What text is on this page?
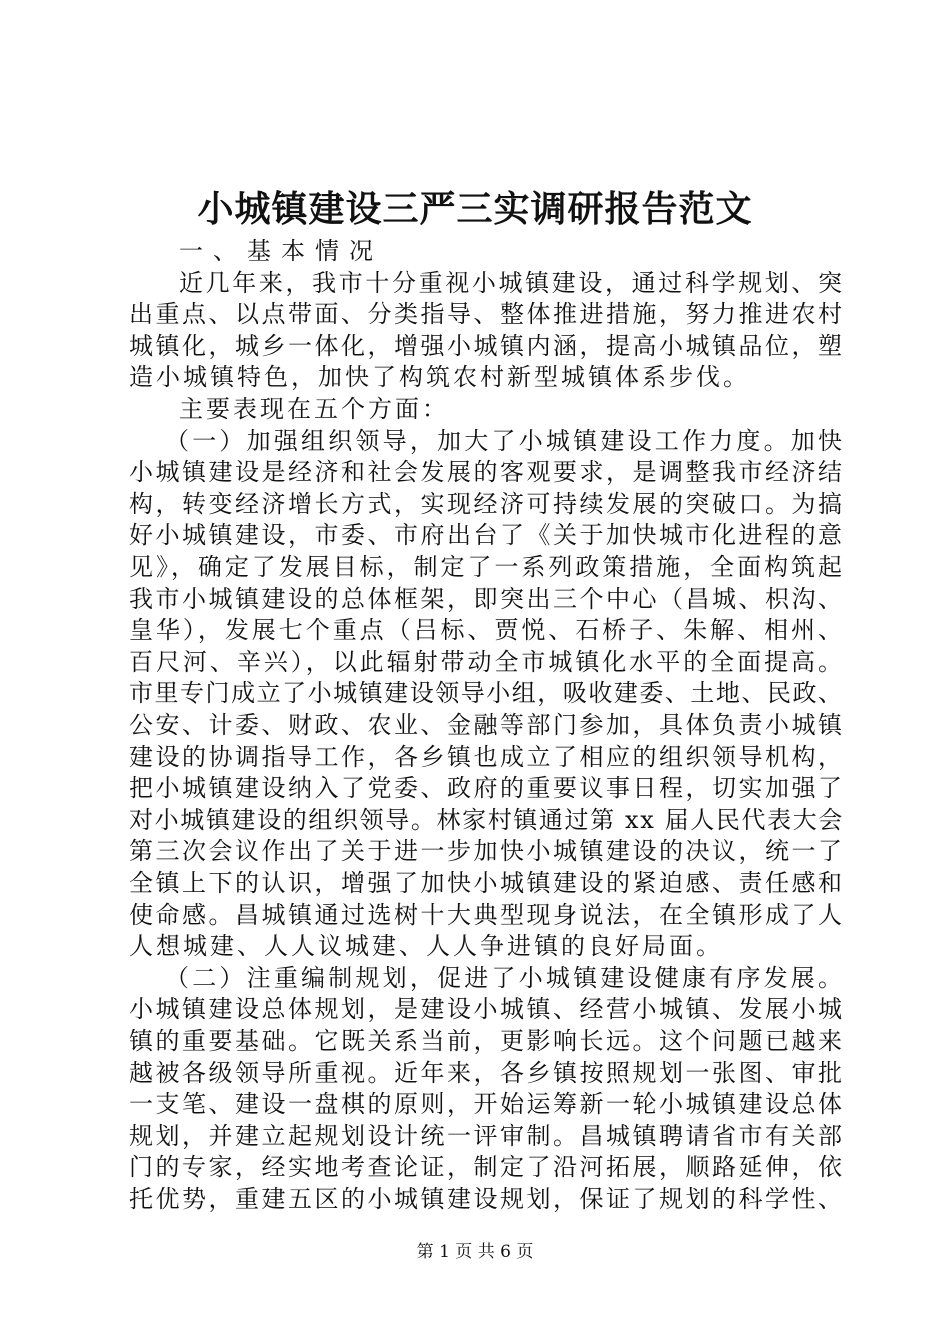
小城镇建设三严三实调研报告范文

一、基本情况

近几年来，我市十分重视小城镇建设，通过科学规划、突

出重点、以点带面、分类指导、整体推进措施，努力推进农村

城镇化，城乡一体化，增强小城镇内涵，提高小城镇品位，塑

造小城镇特色，加快了构筑农村新型城镇体系步伐。

主要表现在五个方面：

（一）加强组织领导，加大了小城镇建设工作力度。加快

小城镇建设是经济和社会发展的客观要求，是调整我市经济结

构，转变经济增长方式，实现经济可持续发展的突破口。为搞

好小城镇建设，市委、市府出台了《关于加快城市化进程的意

见》，确定了发展目标，制定了一系列政策措施，全面构筑起

我市小城镇建设的总体框架，即突出三个中心（昌城、枳沟、

皇华），发展七个重点（吕标、贾悦、石桥子、朱解、相州、

百尺河、辛兴），以此辐射带动全市城镇化水平的全面提高。

市里专门成立了小城镇建设领导小组，吸收建委、土地、民政、

公安、计委、财政、农业、金融等部门参加，具体负责小城镇

建设的协调指导工作，各乡镇也成立了相应的组织领导机构，

把小城镇建设纳入了党委、政府的重要议事日程，切实加强了

对小城镇建设的组织领导。林家村镇通过第 xx 届人民代表大会

第三次会议作出了关于进一步加快小城镇建设的决议，统一了

全镇上下的认识，增强了加快小城镇建设的紧迫感、责任感和

使命感。昌城镇通过选树十大典型现身说法，在全镇形成了人

人想城建、人人议城建、人人争进镇的良好局面。

（二）注重编制规划，促进了小城镇建设健康有序发展。

小城镇建设总体规划，是建设小城镇、经营小城镇、发展小城

镇的重要基础。它既关系当前，更影响长远。这个问题已越来

越被各级领导所重视。近年来，各乡镇按照规划一张图、审批

一支笔、建设一盘棋的原则，开始运筹新一轮小城镇建设总体

规划，并建立起规划设计统一评审制。昌城镇聘请省市有关部

第 1 页 共 6 页

门的专家，经实地考查论证，制定了沿河拓展，顺路延伸，依

托优势，重建五区的小城镇建设规划，保证了规划的科学性、
